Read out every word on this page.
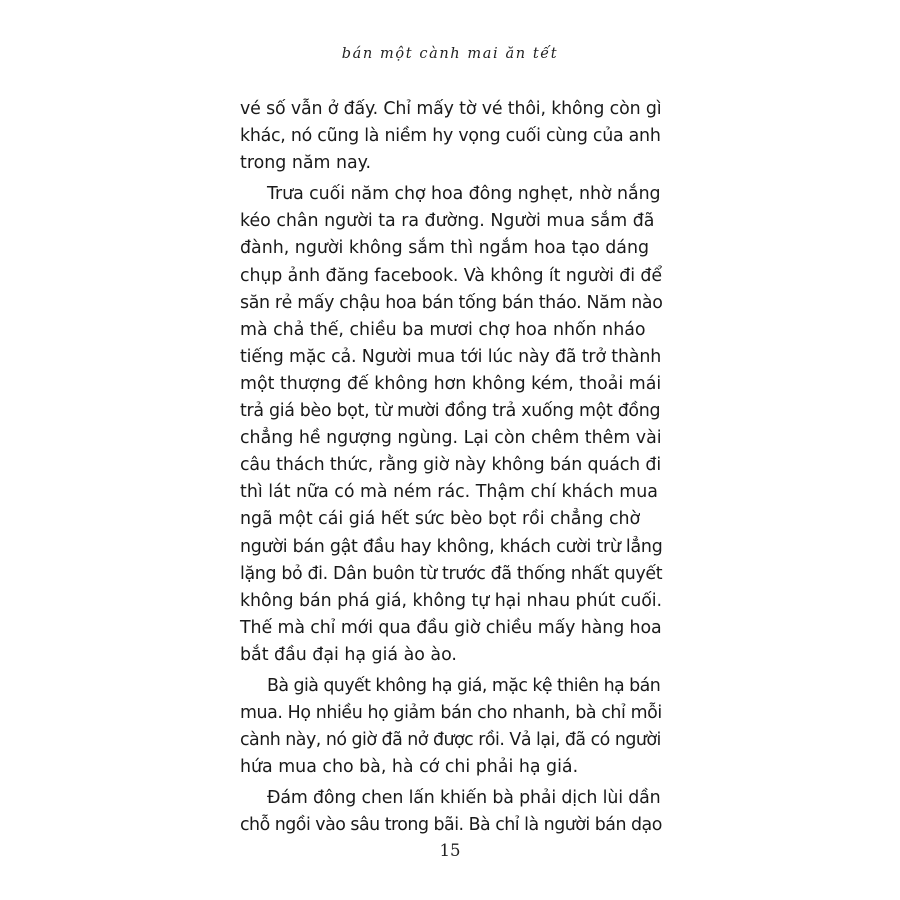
bán một cành mai ăn tết

vé số vẫn ở đấy. Chỉ mấy tờ vé thôi, không còn gì
khác, nó cũng là niềm hy vọng cuối cùng của anh
trong năm nay.

Trưa cuối năm chợ hoa đông nghẹt, nhờ nắng
kéo chân người ta ra đường. Người mua sắm đã
đành, người không sắm thì ngắm hoa tạo dáng
chụp ảnh đăng facebook. Và không ít người đi để
săn rẻ mấy chậu hoa bán tống bán tháo. Năm nào
mà chả thế, chiều ba mươi chợ hoa nhốn nháo
tiếng mặc cả. Người mua tới lúc này đã trở thành
một thượng đế không hơn không kém, thoải mái
trả giá bèo bọt, từ mười đồng trả xuống một đồng
chẳng hề ngượng ngùng. Lại còn chêm thêm vài
câu thách thức, rằng giờ này không bán quách đi
thì lát nữa có mà ném rác. Thậm chí khách mua
ngã một cái giá hết sức bèo bọt rồi chẳng chờ
người bán gật đầu hay không, khách cười trừ lẳng
lặng bỏ đi. Dân buôn từ trước đã thống nhất quyết
không bán phá giá, không tự hại nhau phút cuối.
Thế mà chỉ mới qua đầu giờ chiều mấy hàng hoa
bắt đầu đại hạ giá ào ào.

Bà già quyết không hạ giá, mặc kệ thiên hạ bán
mua. Họ nhiều họ giảm bán cho nhanh, bà chỉ mỗi
cành này, nó giờ đã nở được rồi. Vả lại, đã có người
hứa mua cho bà, hà cớ chi phải hạ giá.

Đám đông chen lấn khiến bà phải dịch lùi dần
chỗ ngồi vào sâu trong bãi. Bà chỉ là người bán dạo

15
